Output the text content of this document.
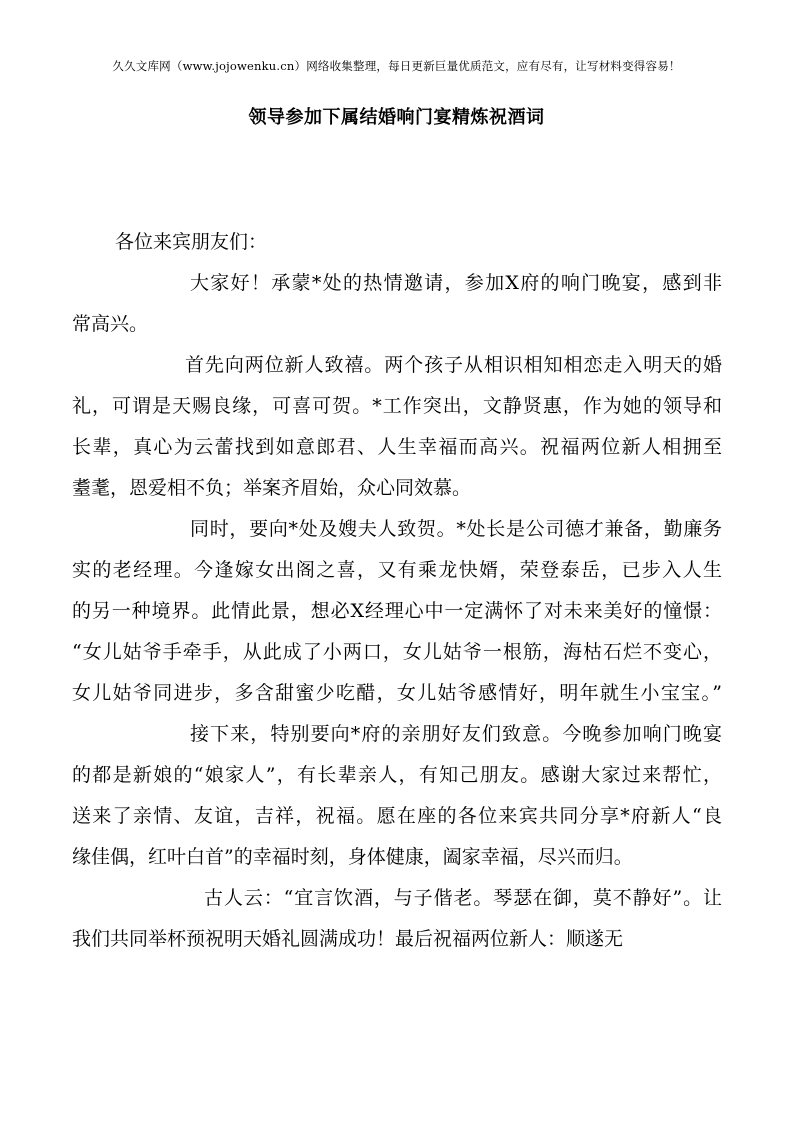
久久文库网（www.jojowenku.cn）网络收集整理，每日更新巨量优质范文，应有尽有，让写材料变得容易！
领导参加下属结婚响门宴精炼祝酒词
各位来宾朋友们：
大家好！承蒙*处的热情邀请，参加X府的响门晚宴，感到非
常高兴。
首先向两位新人致禧。两个孩子从相识相知相恋走入明天的婚
礼，可谓是天赐良缘，可喜可贺。*工作突出，文静贤惠，作为她的领导和
长辈，真心为云蕾找到如意郎君、人生幸福而高兴。祝福两位新人相拥至
耋耄，恩爱相不负；举案齐眉始，众心同效慕。
同时，要向*处及嫂夫人致贺。*处长是公司德才兼备，勤廉务
实的老经理。今逢嫁女出阁之喜，又有乘龙快婿，荣登泰岳，已步入人生
的另一种境界。此情此景，想必X经理心中一定满怀了对未来美好的憧憬：
“女儿姑爷手牵手，从此成了小两口，女儿姑爷一根筋，海枯石烂不变心，
女儿姑爷同进步，多含甜蜜少吃醋，女儿姑爷感情好，明年就生小宝宝。”
接下来，特别要向*府的亲朋好友们致意。今晚参加响门晚宴
的都是新娘的“娘家人”，有长辈亲人，有知己朋友。感谢大家过来帮忙，
送来了亲情、友谊，吉祥，祝福。愿在座的各位来宾共同分享*府新人“良
缘佳偶，红叶白首”的幸福时刻，身体健康，阖家幸福，尽兴而归。
古人云：“宜言饮酒，与子偕老。琴瑟在御，莫不静好”。让
我们共同举杯预祝明天婚礼圆满成功！最后祝福两位新人：顺遂无
